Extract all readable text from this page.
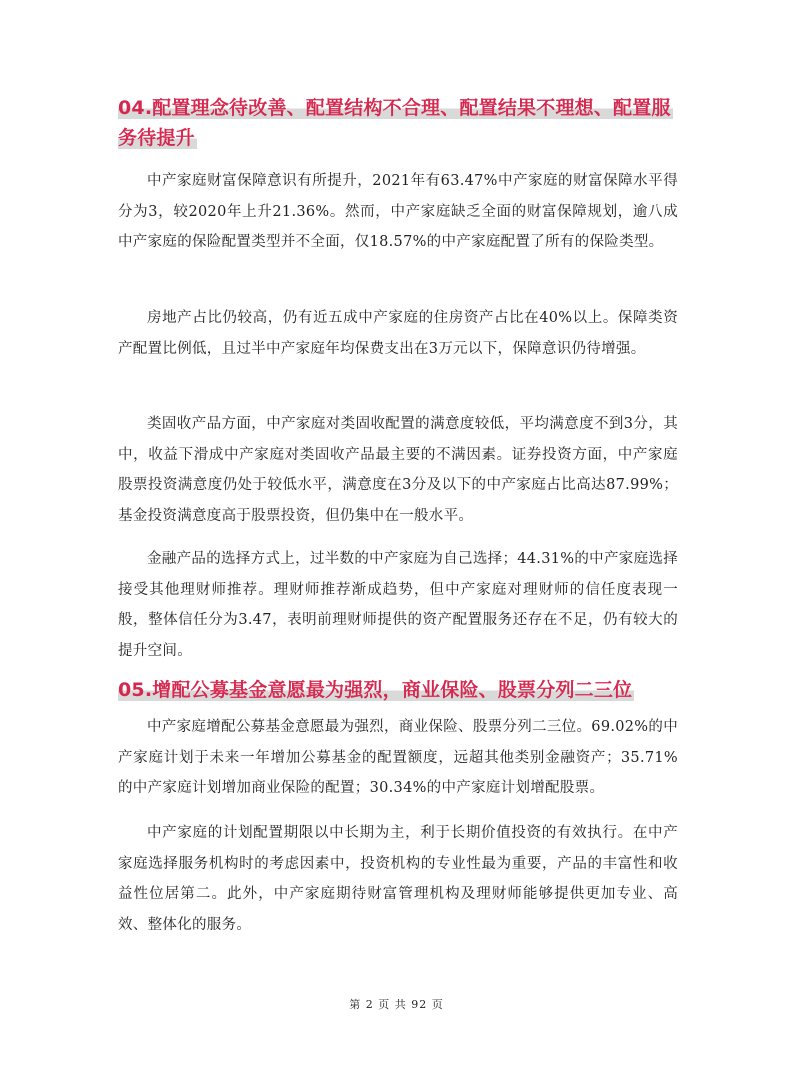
04.配置理念待改善、配置结构不合理、配置结果不理想、配置服务待提升

中产家庭财富保障意识有所提升，2021年有63.47%中产家庭的财富保障水平得分为3，较2020年上升21.36%。然而，中产家庭缺乏全面的财富保障规划，逾八成中产家庭的保险配置类型并不全面，仅18.57%的中产家庭配置了所有的保险类型。

房地产占比仍较高，仍有近五成中产家庭的住房资产占比在40%以上。保障类资产配置比例低，且过半中产家庭年均保费支出在3万元以下，保障意识仍待增强。

类固收产品方面，中产家庭对类固收配置的满意度较低，平均满意度不到3分，其中，收益下滑成中产家庭对类固收产品最主要的不满因素。证券投资方面，中产家庭股票投资满意度仍处于较低水平，满意度在3分及以下的中产家庭占比高达87.99%；基金投资满意度高于股票投资，但仍集中在一般水平。

金融产品的选择方式上，过半数的中产家庭为自己选择；44.31%的中产家庭选择接受其他理财师推荐。理财师推荐渐成趋势，但中产家庭对理财师的信任度表现一般，整体信任分为3.47，表明前理财师提供的资产配置服务还存在不足，仍有较大的提升空间。

05.增配公募基金意愿最为强烈，商业保险、股票分列二三位

中产家庭增配公募基金意愿最为强烈，商业保险、股票分列二三位。69.02%的中产家庭计划于未来一年增加公募基金的配置额度，远超其他类别金融资产；35.71%的中产家庭计划增加商业保险的配置；30.34%的中产家庭计划增配股票。

中产家庭的计划配置期限以中长期为主，利于长期价值投资的有效执行。在中产家庭选择服务机构时的考虑因素中，投资机构的专业性最为重要，产品的丰富性和收益性位居第二。此外，中产家庭期待财富管理机构及理财师能够提供更加专业、高效、整体化的服务。

第 2 页 共 92 页
